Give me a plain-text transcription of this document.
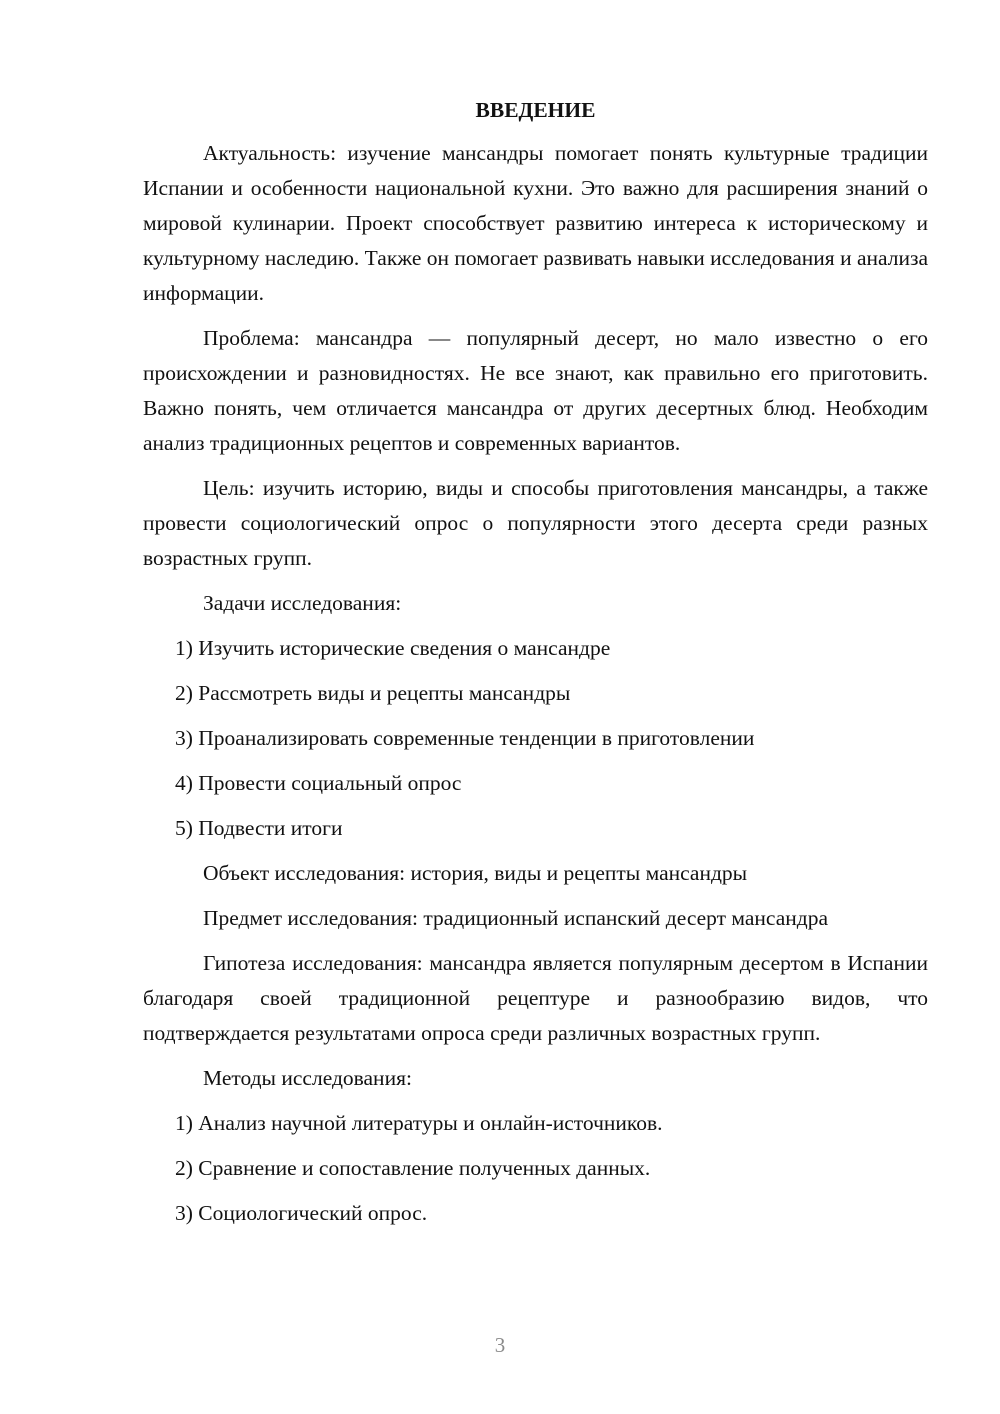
ВВЕДЕНИЕ

Актуальность: изучение мансандры помогает понять культурные традиции Испании и особенности национальной кухни. Это важно для расширения знаний о мировой кулинарии. Проект способствует развитию интереса к историческому и культурному наследию. Также он помогает развивать навыки исследования и анализа информации.

Проблема: мансандра — популярный десерт, но мало известно о его происхождении и разновидностях. Не все знают, как правильно его приготовить. Важно понять, чем отличается мансандра от других десертных блюд. Необходим анализ традиционных рецептов и современных вариантов.

Цель: изучить историю, виды и способы приготовления мансандры, а также провести социологический опрос о популярности этого десерта среди разных возрастных групп.

Задачи исследования:
1) Изучить исторические сведения о мансандре
2) Рассмотреть виды и рецепты мансандры
3) Проанализировать современные тенденции в приготовлении
4) Провести социальный опрос
5) Подвести итоги
Объект исследования: история, виды и рецепты мансандры
Предмет исследования: традиционный испанский десерт мансандра

Гипотеза исследования: мансандра является популярным десертом в Испании благодаря своей традиционной рецептуре и разнообразию видов, что подтверждается результатами опроса среди различных возрастных групп.

Методы исследования:
1) Анализ научной литературы и онлайн-источников.
2) Сравнение и сопоставление полученных данных.
3) Социологический опрос.
3
